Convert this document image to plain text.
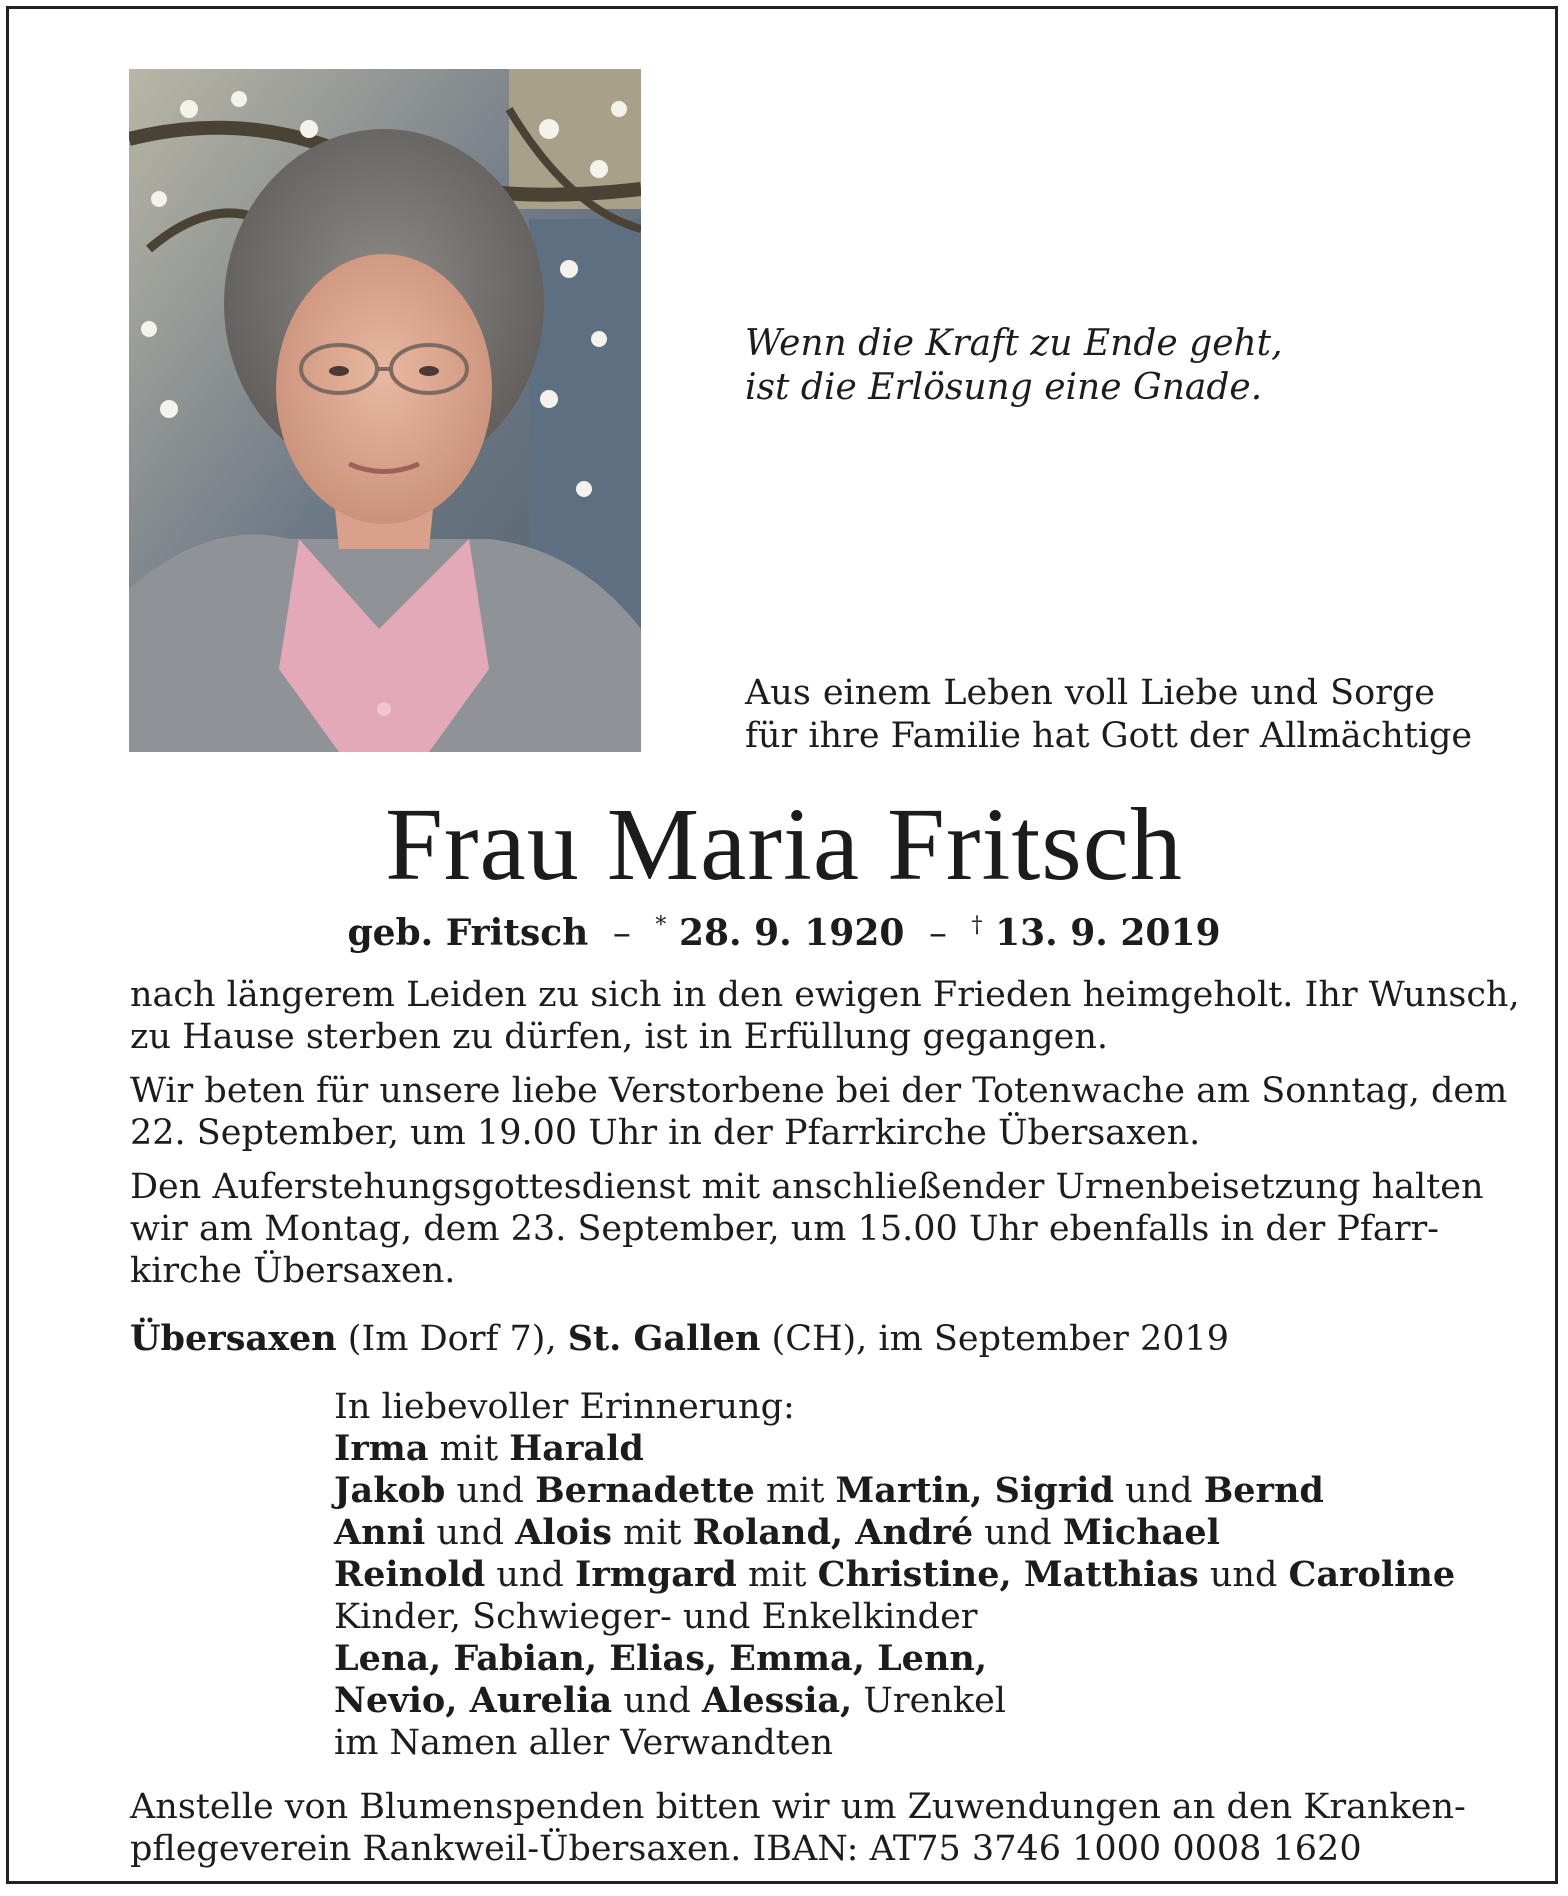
Wenn die Kraft zu Ende geht,
ist die Erlösung eine Gnade.
Aus einem Leben voll Liebe und Sorge
für ihre Familie hat Gott der Allmächtige
Frau Maria Fritsch
geb. Fritsch – * 28. 9. 1920 – † 13. 9. 2019
nach längerem Leiden zu sich in den ewigen Frieden heimgeholt. Ihr Wunsch,
zu Hause sterben zu dürfen, ist in Erfüllung gegangen.
Wir beten für unsere liebe Verstorbene bei der Totenwache am Sonntag, dem
22. September, um 19.00 Uhr in der Pfarrkirche Übersaxen.
Den Auferstehungsgottesdienst mit anschließender Urnenbeisetzung halten
wir am Montag, dem 23. September, um 15.00 Uhr ebenfalls in der Pfarr-
kirche Übersaxen.
Übersaxen (Im Dorf 7), St. Gallen (CH), im September 2019
In liebevoller Erinnerung:
Irma mit Harald
Jakob und Bernadette mit Martin, Sigrid und Bernd
Anni und Alois mit Roland, André und Michael
Reinold und Irmgard mit Christine, Matthias und Caroline
Kinder, Schwieger- und Enkelkinder
Lena, Fabian, Elias, Emma, Lenn,
Nevio, Aurelia und Alessia, Urenkel
im Namen aller Verwandten
Anstelle von Blumenspenden bitten wir um Zuwendungen an den Kranken-
pflegeverein Rankweil-Übersaxen. IBAN: AT75 3746 1000 0008 1620
